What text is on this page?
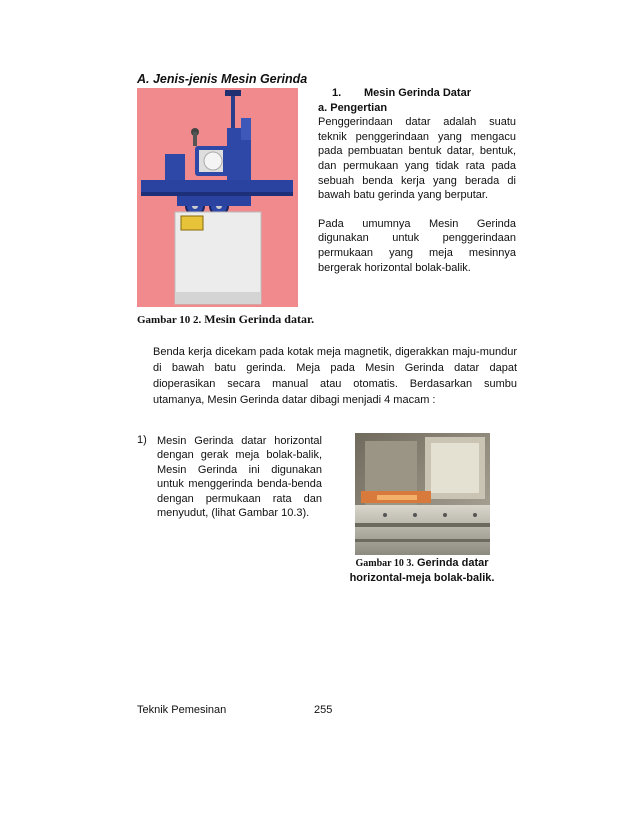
A. Jenis-jenis Mesin Gerinda
Gambar 10 2. Mesin Gerinda datar.
1. Mesin Gerinda Datar
a. Pengertian
Penggerindaan datar adalah suatu teknik penggerindaan yang mengacu pada pembuatan bentuk datar, bentuk, dan permukaan yang tidak rata pada sebuah benda kerja yang berada di bawah batu gerinda yang berputar.
Pada umumnya Mesin Gerinda digunakan untuk penggerindaan permukaan yang meja mesinnya bergerak horizontal bolak-balik.
Benda kerja dicekam pada kotak meja magnetik, digerakkan maju-mundur di bawah batu gerinda. Meja pada Mesin Gerinda datar dapat dioperasikan secara manual atau otomatis. Berdasarkan sumbu utamanya, Mesin Gerinda datar dibagi menjadi 4 macam :
1) Mesin Gerinda datar horizontal dengan gerak meja bolak-balik, Mesin Gerinda ini digunakan untuk menggerinda benda-benda dengan permukaan rata dan menyudut, (lihat Gambar 10.3).
Gambar 10 3. Gerinda datar
horizontal-meja bolak-balik.
Teknik Pemesinan	255
